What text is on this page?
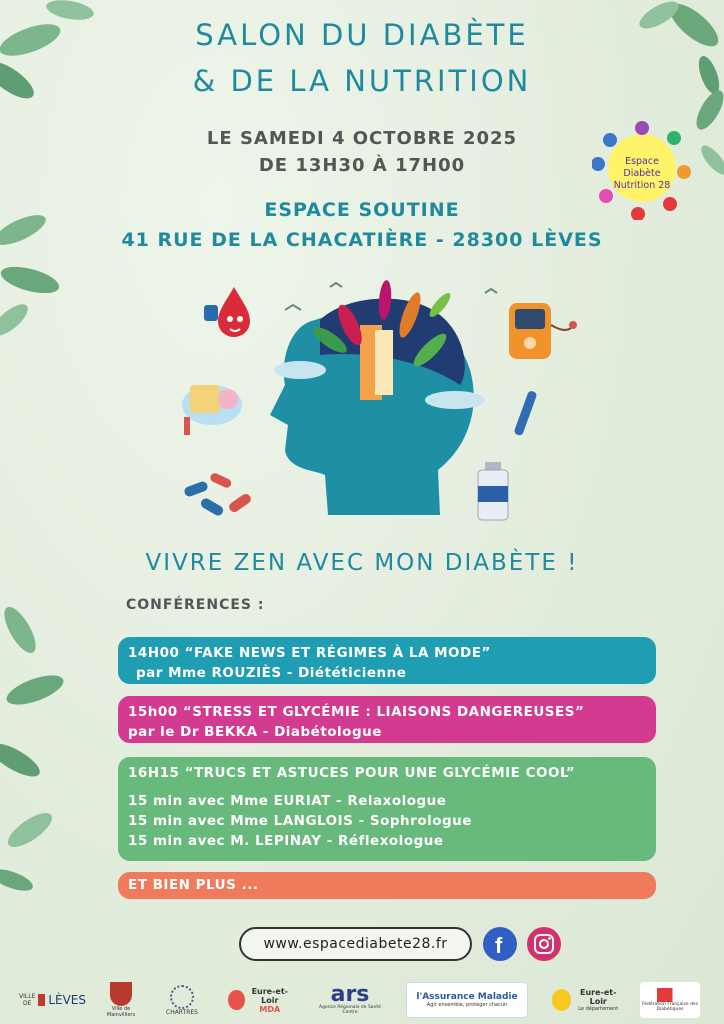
SALON DU DIABÈTE
& DE LA NUTRITION
LE SAMEDI 4 OCTOBRE 2025
DE 13H30 À 17H00
ESPACE SOUTINE
41 RUE DE LA CHACATIÈRE - 28300 LÈVES
Espace Diabète
Nutrition 28
VIVRE ZEN AVEC MON DIABÈTE !
CONFÉRENCES :
14H00 “FAKE NEWS ET RÉGIMES À LA MODE”
par Mme ROUZIÈS - Diététicienne
15h00 “STRESS ET GLYCÉMIE : LIAISONS DANGEREUSES”
par le Dr BEKKA - Diabétologue
16H15 “TRUCS ET ASTUCES POUR UNE GLYCÉMIE COOL”
15 min avec Mme EURIAT - Relaxologue
15 min avec Mme LANGLOIS - Sophrologue
15 min avec M. LEPINAY - Réflexologue
ET BIEN PLUS ...
www.espacediabete28.fr	f
VILLE DE	LÈVES
Ville de Mainvilliers	CHARTRES
Eure-et-Loir
MDA
ars
Agence Régionale de Santé Centre
l'Assurance Maladie
Agir ensemble, protéger chacun
Eure-et-Loir
Le département
Fédération Française des Diabétiques
